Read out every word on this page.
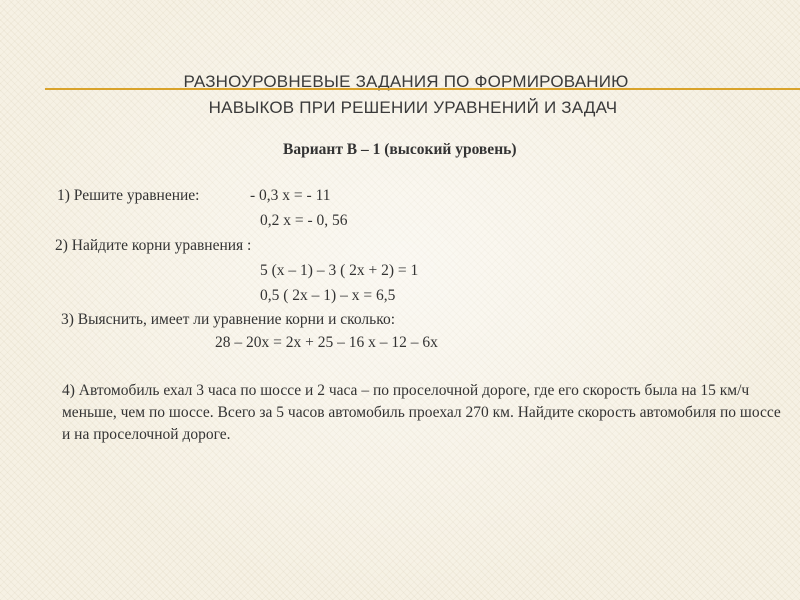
РАЗНОУРОВНЕВЫЕ ЗАДАНИЯ ПО ФОРМИРОВАНИЮ
НАВЫКОВ ПРИ РЕШЕНИИ УРАВНЕНИЙ И ЗАДАЧ
Вариант В – 1 (высокий уровень)
1) Решите уравнение:	- 0,3 х = - 11
0,2 х = - 0, 56
2) Найдите корни уравнения :
5 (х – 1) – 3 ( 2х + 2) = 1
0,5 ( 2х – 1) – х = 6,5
3) Выяснить, имеет ли уравнение корни и сколько:
28 – 20х = 2х + 25 – 16 х – 12 – 6х
4) Автомобиль ехал 3 часа по шоссе и 2 часа – по проселочной дороге, где его скорость была на 15 км/ч меньше, чем по шоссе. Всего за 5 часов автомобиль проехал 270 км. Найдите скорость автомобиля по шоссе и на проселочной дороге.
